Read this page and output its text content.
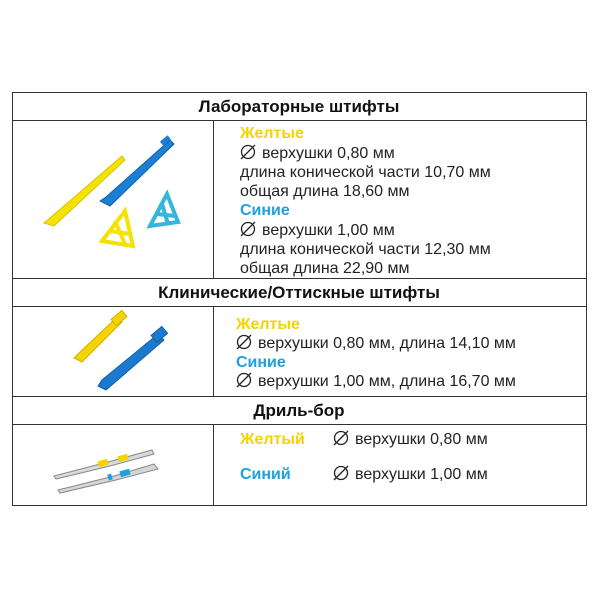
Лабораторные штифты
Желтые
верхушки 0,80 мм
длина конической части 10,70 мм
общая длина 18,60 мм
Синие
верхушки 1,00 мм
длина конической части 12,30 мм
общая длина 22,90 мм
Клинические/Оттискные штифты
Желтые
верхушки 0,80 мм, длина 14,10 мм
Синие
верхушки 1,00 мм, длина 16,70 мм
Дриль-бор
Желтый	верхушки 0,80 мм
Синий	верхушки 1,00 мм
